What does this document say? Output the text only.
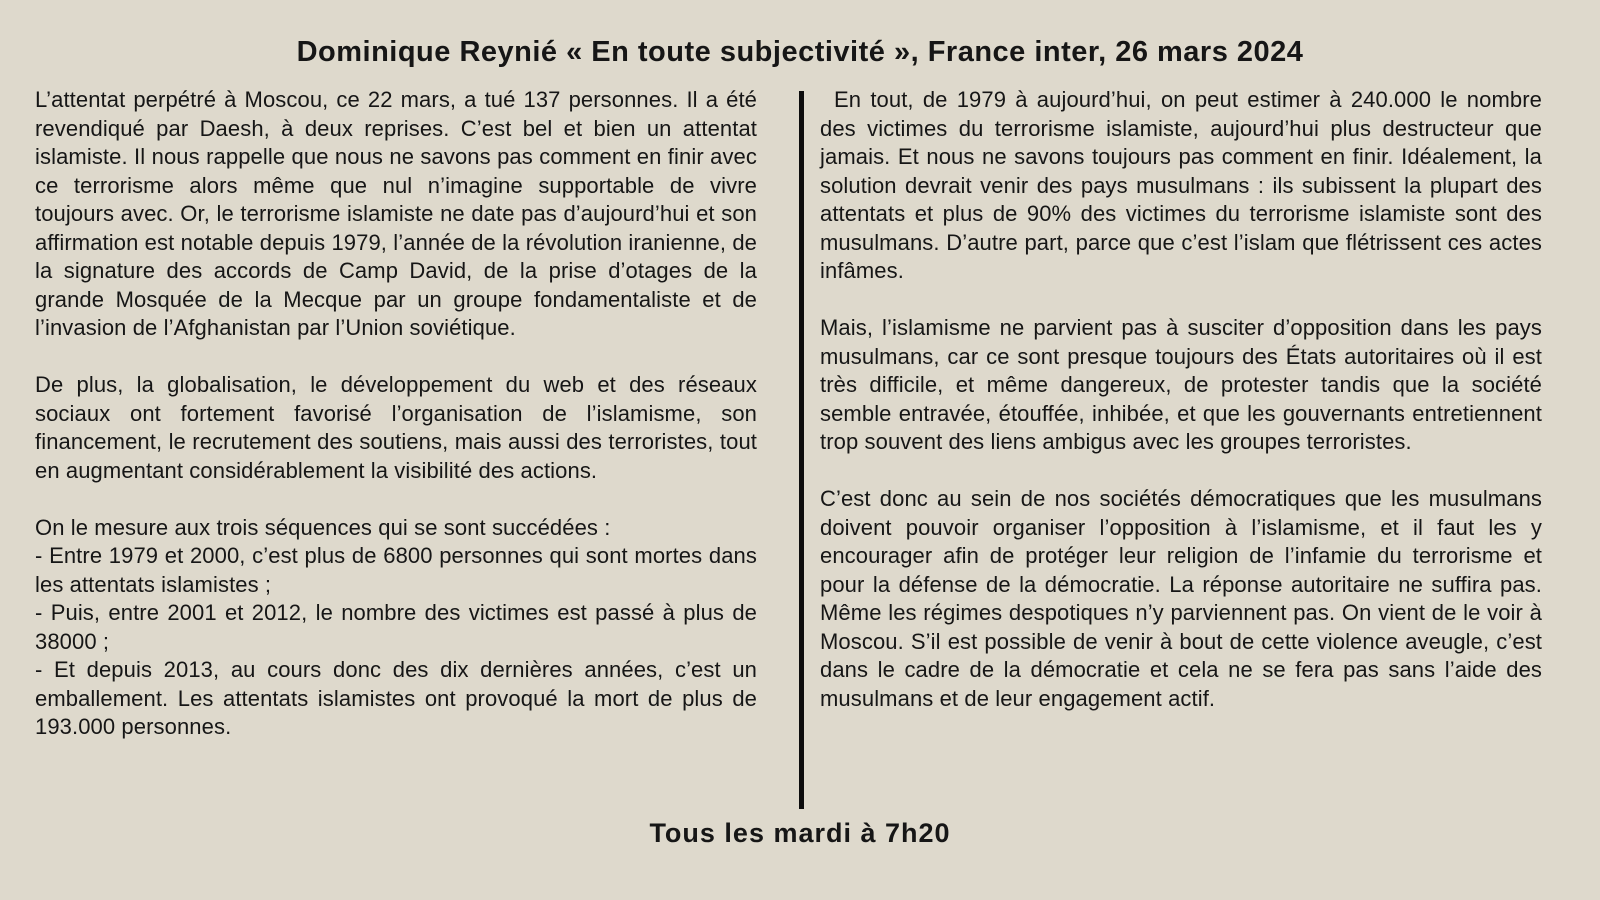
Dominique Reynié « En toute subjectivité », France inter, 26 mars 2024

L’attentat perpétré à Moscou, ce 22 mars, a tué 137 personnes. Il a été revendiqué par Daesh, à deux reprises. C’est bel et bien un attentat islamiste. Il nous rappelle que nous ne savons pas comment en finir avec ce terrorisme alors même que nul n’imagine supportable de vivre toujours avec. Or, le terrorisme islamiste ne date pas d’aujourd’hui et son affirmation est notable depuis 1979, l’année de la révolution iranienne, de la signature des accords de Camp David, de la prise d’otages de la grande Mosquée de la Mecque par un groupe fondamentaliste et de l’invasion de l’Afghanistan par l’Union soviétique.

De plus, la globalisation, le développement du web et des réseaux sociaux ont fortement favorisé l’organisation de l’islamisme, son financement, le recrutement des soutiens, mais aussi des terroristes, tout en augmentant considérablement la visibilité des actions.

On le mesure aux trois séquences qui se sont succédées :

- Entre 1979 et 2000, c’est plus de 6800 personnes qui sont mortes dans les attentats islamistes ;

- Puis, entre 2001 et 2012, le nombre des victimes est passé à plus de 38000 ;

- Et depuis 2013, au cours donc des dix dernières années, c’est un emballement. Les attentats islamistes ont provoqué la mort de plus de 193.000 personnes.

En tout, de 1979 à aujourd’hui, on peut estimer à 240.000 le nombre des victimes du terrorisme islamiste, aujourd’hui plus destructeur que jamais. Et nous ne savons toujours pas comment en finir. Idéalement, la solution devrait venir des pays musulmans : ils subissent la plupart des attentats et plus de 90% des victimes du terrorisme islamiste sont des musulmans. D’autre part, parce que c’est l’islam que flétrissent ces actes infâmes.

Mais, l’islamisme ne parvient pas à susciter d’opposition dans les pays musulmans, car ce sont presque toujours des États autoritaires où il est très difficile, et même dangereux, de protester tandis que la société semble entravée, étouffée, inhibée, et que les gouvernants entretiennent trop souvent des liens ambigus avec les groupes terroristes.

C’est donc au sein de nos sociétés démocratiques que les musulmans doivent pouvoir organiser l’opposition à l’islamisme, et il faut les y encourager afin de protéger leur religion de l’infamie du terrorisme et pour la défense de la démocratie. La réponse autoritaire ne suffira pas. Même les régimes despotiques n’y parviennent pas. On vient de le voir à Moscou. S’il est possible de venir à bout de cette violence aveugle, c’est dans le cadre de la démocratie et cela ne se fera pas sans l’aide des musulmans et de leur engagement actif.

Tous les mardi à 7h20
